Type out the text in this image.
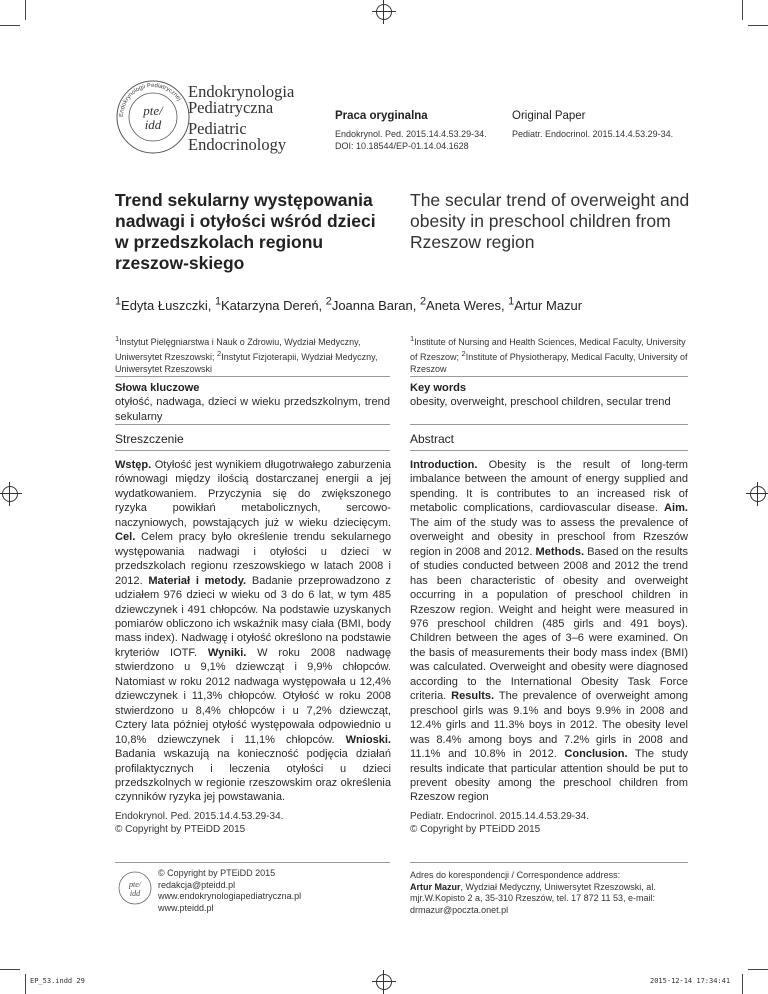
Endokrynologii Pediatrycznej
pte/
idd
Endokrynologia
Pediatryczna
Pediatric
Endocrinology
Praca oryginalna
Endokrynol. Ped. 2015.14.4.53.29-34.
DOI: 10.18544/EP-01.14.04.1628
Original Paper
Pediatr. Endocrinol. 2015.14.4.53.29-34.
Trend sekularny występowania nadwagi i otyłości wśród dzieci w przedszkolach regionu rzeszow-skiego
The secular trend of overweight and obesity in preschool children from Rzeszow region
$^1$Edyta Łuszczki, $^1$Katarzyna Dereń, $^2$Joanna Baran, $^2$Aneta Weres, $^1$Artur Mazur
$^1$Instytut Pielęgniarstwa i Nauk o Zdrowiu, Wydział Medyczny, Uniwersytet Rzeszowski; $^2$Instytut Fizjoterapii, Wydział Medyczny, Uniwersytet Rzeszowski
$^1$Institute of Nursing and Health Sciences, Medical Faculty, University of Rzeszow; $^2$Institute of Physiotherapy, Medical Faculty, University of Rzeszow
Słowa kluczowe
otyłość, nadwaga, dzieci w wieku przedszkolnym, trend sekularny
Key words
obesity, overweight, preschool children, secular trend
Streszczenie	Abstract
Wstęp. Otyłość jest wynikiem długotrwałego zaburzenia równowagi między ilością dostarczanej energii a jej wydatkowaniem. Przyczynia się do zwiększonego ryzyka powikłań metabolicznych, sercowo-naczyniowych, powstających już w wieku dziecięcym. Cel. Celem pracy było określenie trendu sekularnego występowania nadwagi i otyłości u dzieci w przedszkolach regionu rzeszowskiego w latach 2008 i 2012. Materiał i metody. Badanie przeprowadzono z udziałem 976 dzieci w wieku od 3 do 6 lat, w tym 485 dziewczynek i 491 chłopców. Na podstawie uzyskanych pomiarów obliczono ich wskaźnik masy ciała (BMI, body mass index). Nadwagę i otyłość określono na podstawie kryteriów IOTF. Wyniki. W roku 2008 nadwagę stwierdzono u 9,1% dziewcząt i 9,9% chłopców. Natomiast w roku 2012 nadwaga występowała u 12,4% dziewczynek i 11,3% chłopców. Otyłość w roku 2008 stwierdzono u 8,4% chłopców i u 7,2% dziewcząt, Cztery lata później otyłość występowała odpowiednio u 10,8% dziewczynek i 11,1% chłopców. Wnioski. Badania wskazują na konieczność podjęcia działań profilaktycznych i leczenia otyłości u dzieci przedszkolnych w regionie rzeszowskim oraz określenia czynników ryzyka jej powstawania.
Introduction. Obesity is the result of long-term imbalance between the amount of energy supplied and spending. It is contributes to an increased risk of metabolic complications, cardiovascular disease. Aim. The aim of the study was to assess the prevalence of overweight and obesity in preschool from Rzeszów region in 2008 and 2012. Methods. Based on the results of studies conducted between 2008 and 2012 the trend has been characteristic of obesity and overweight occurring in a population of preschool children in Rzeszow region. Weight and height were measured in 976 preschool children (485 girls and 491 boys). Children between the ages of 3–6 were examined. On the basis of measurements their body mass index (BMI) was calculated. Overweight and obesity were diagnosed according to the International Obesity Task Force criteria. Results. The prevalence of overweight among preschool girls was 9.1% and boys 9.9% in 2008 and 12.4% girls and 11.3% boys in 2012. The obesity level was 8.4% among boys and 7.2% girls in 2008 and 11.1% and 10.8% in 2012. Conclusion. The study results indicate that particular attention should be put to prevent obesity among the preschool children from Rzeszow region
Endokrynol. Ped. 2015.14.4.53.29-34.
© Copyright by PTEiDD 2015
Pediatr. Endocrinol. 2015.14.4.53.29-34.
© Copyright by PTEiDD 2015
pte/
idd
© Copyright by PTEiDD 2015
redakcja@pteidd.pl
www.endokrynologiapediatryczna.pl
www.pteidd.pl
Adres do korespondencji / Correspondence address:
Artur Mazur, Wydział Medyczny, Uniwersytet Rzeszowski, al. mjr.W.Kopisto 2 a, 35-310 Rzeszów, tel. 17 872 11 53, e-mail: drmazur@poczta.onet.pl
EP_53.indd 29	2015-12-14 17:34:41
